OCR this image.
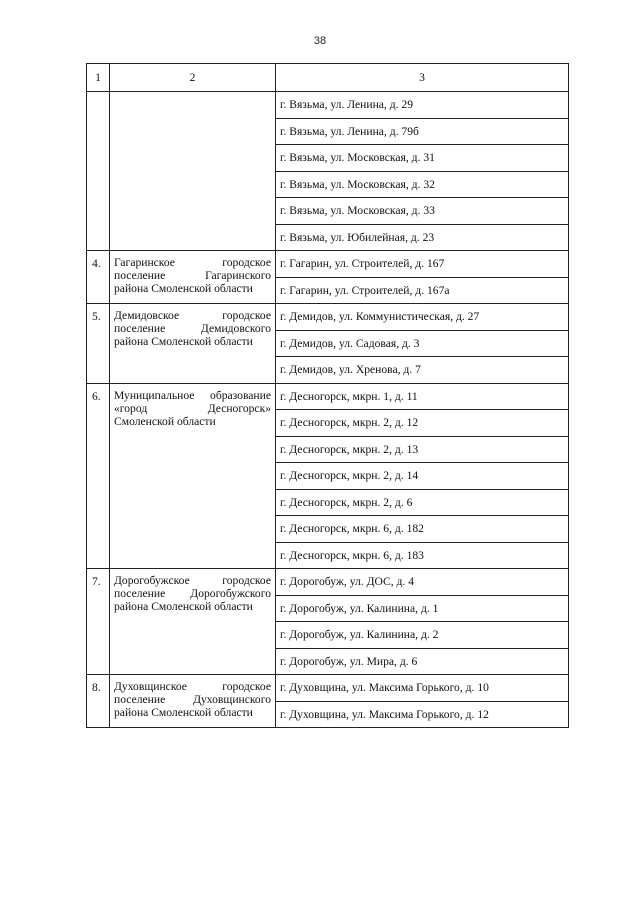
38
1	2	3
		г. Вязьма, ул. Ленина, д. 29
		г. Вязьма, ул. Ленина, д. 79б
		г. Вязьма, ул. Московская, д. 31
		г. Вязьма, ул. Московская, д. 32
		г. Вязьма, ул. Московская, д. 33
		г. Вязьма, ул. Юбилейная, д. 23
4.	Гагаринское городское поселение Гагаринского района Смоленской области	г. Гагарин, ул. Строителей, д. 167
		г. Гагарин, ул. Строителей, д. 167а
5.	Демидовское городское поселение Демидовского района Смоленской области	г. Демидов, ул. Коммунистическая, д. 27
		г. Демидов, ул. Садовая, д. 3
		г. Демидов, ул. Хренова, д. 7
6.	Муниципальное образование «город Десногорск» Смоленской области	г. Десногорск, мкрн. 1, д. 11
		г. Десногорск, мкрн. 2, д. 12
		г. Десногорск, мкрн. 2, д. 13
		г. Десногорск, мкрн. 2, д. 14
		г. Десногорск, мкрн. 2, д. 6
		г. Десногорск, мкрн. 6, д. 182
		г. Десногорск, мкрн. 6, д. 183
7.	Дорогобужское городское поселение Дорогобужского района Смоленской области	г. Дорогобуж, ул. ДОС, д. 4
		г. Дорогобуж, ул. Калинина, д. 1
		г. Дорогобуж, ул. Калинина, д. 2
		г. Дорогобуж, ул. Мира, д. 6
8.	Духовщинское городское поселение Духовщинского района Смоленской области	г. Духовщина, ул. Максима Горького, д. 10
		г. Духовщина, ул. Максима Горького, д. 12
